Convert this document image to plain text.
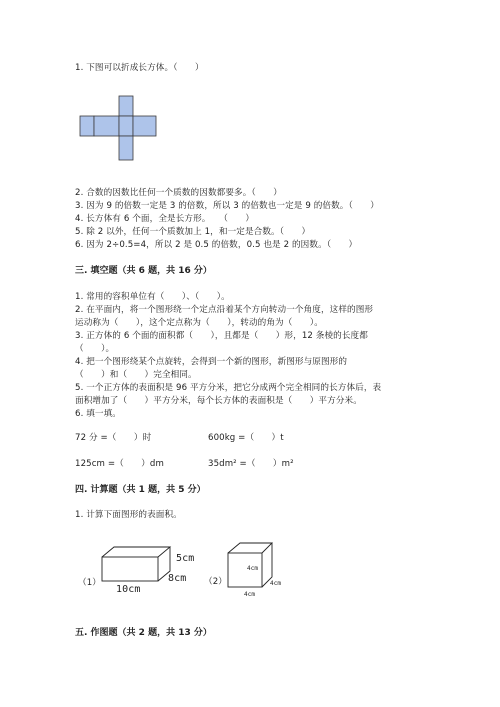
1. 下图可以折成长方体。（　　）
2. 合数的因数比任何一个质数的因数都要多。（　　）
3. 因为 9 的倍数一定是 3 的倍数，所以 3 的倍数也一定是 9 的倍数。（　　）
4. 长方体有 6 个面，全是长方形。　　（　　）
5. 除 2 以外，任何一个质数加上 1，和一定是合数。（　　）
6. 因为 2÷0.5=4，所以 2 是 0.5 的倍数，0.5 也是 2 的因数。（　　）
三. 填空题（共 6 题，共 16 分）
1. 常用的容积单位有（　　）、（　　）。
2. 在平面内，将一个图形绕一个定点沿着某个方向转动一个角度，这样的图形
运动称为（　　），这个定点称为（　　），转动的角为（　　）。
3. 正方体的 6 个面的面积都（　　），且都是（　　）形，12 条棱的长度都
（　　）。
4. 把一个图形绕某个点旋转，会得到一个新的图形，新图形与原图形的
（　　）和（　　）完全相同。
5. 一个正方体的表面积是 96 平方分米，把它分成两个完全相同的长方体后，表
面积增加了（　　）平方分米，每个长方体的表面积是（　　）平方分米。
6. 填一填。
72 分 =（　　）时	600kg =（　　）t
125cm =（　　）dm	35dm² =（　　）m²
四. 计算题（共 1 题，共 5 分）
1. 计算下面图形的表面积。
（1）
5cm
8cm
10cm
（2）
4cm
4cm
4cm
五. 作图题（共 2 题，共 13 分）
